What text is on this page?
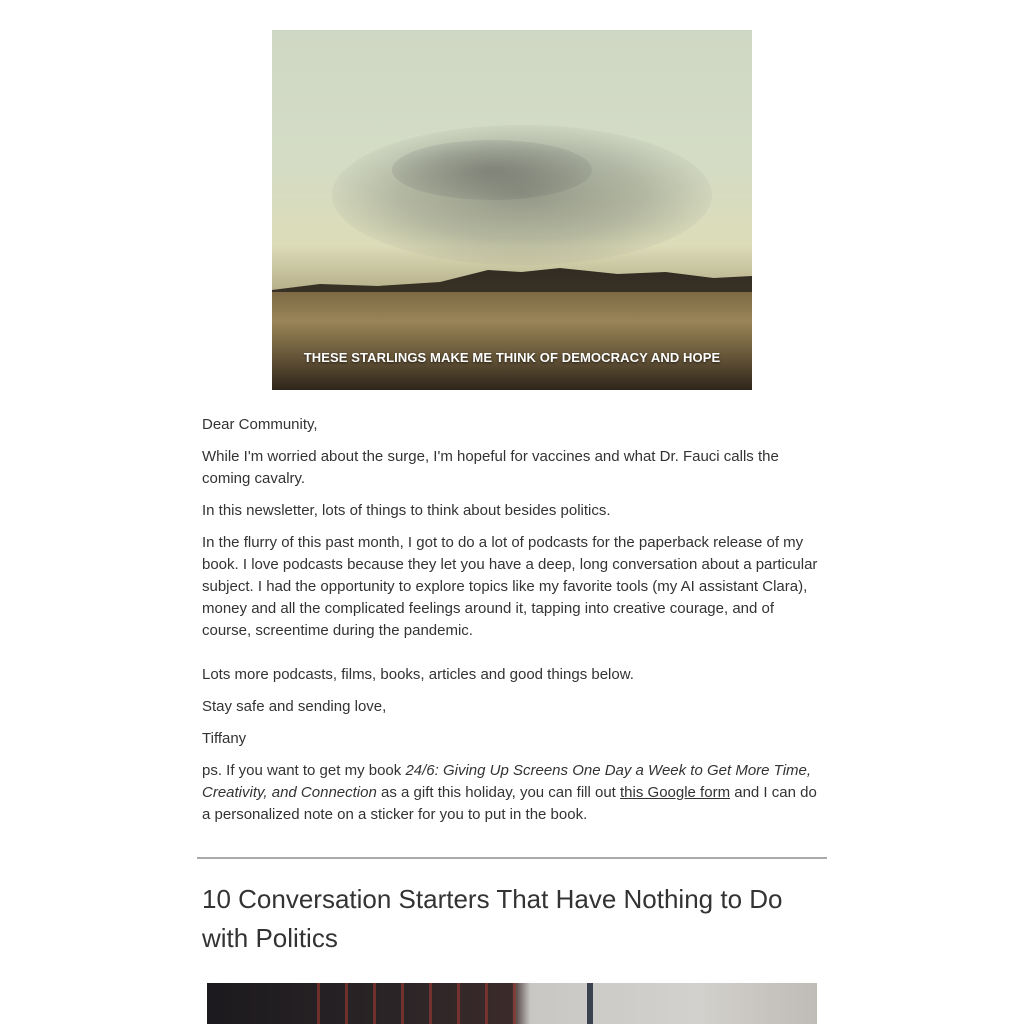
THESE STARLINGS MAKE ME THINK OF DEMOCRACY AND HOPE

Dear Community,

While I'm worried about the surge, I'm hopeful for vaccines and what Dr. Fauci calls the coming cavalry.

In this newsletter, lots of things to think about besides politics.

In the flurry of this past month, I got to do a lot of podcasts for the paperback release of my book. I love podcasts because they let you have a deep, long conversation about a particular subject. I had the opportunity to explore topics like my favorite tools (my AI assistant Clara), money and all the complicated feelings around it, tapping into creative courage, and of course, screentime during the pandemic.

Lots more podcasts, films, books, articles and good things below.

Stay safe and sending love,

Tiffany

ps. If you want to get my book 24/6: Giving Up Screens One Day a Week to Get More Time, Creativity, and Connection as a gift this holiday, you can fill out this Google form and I can do a personalized note on a sticker for you to put in the book.

10 Conversation Starters That Have Nothing to Do with Politics
